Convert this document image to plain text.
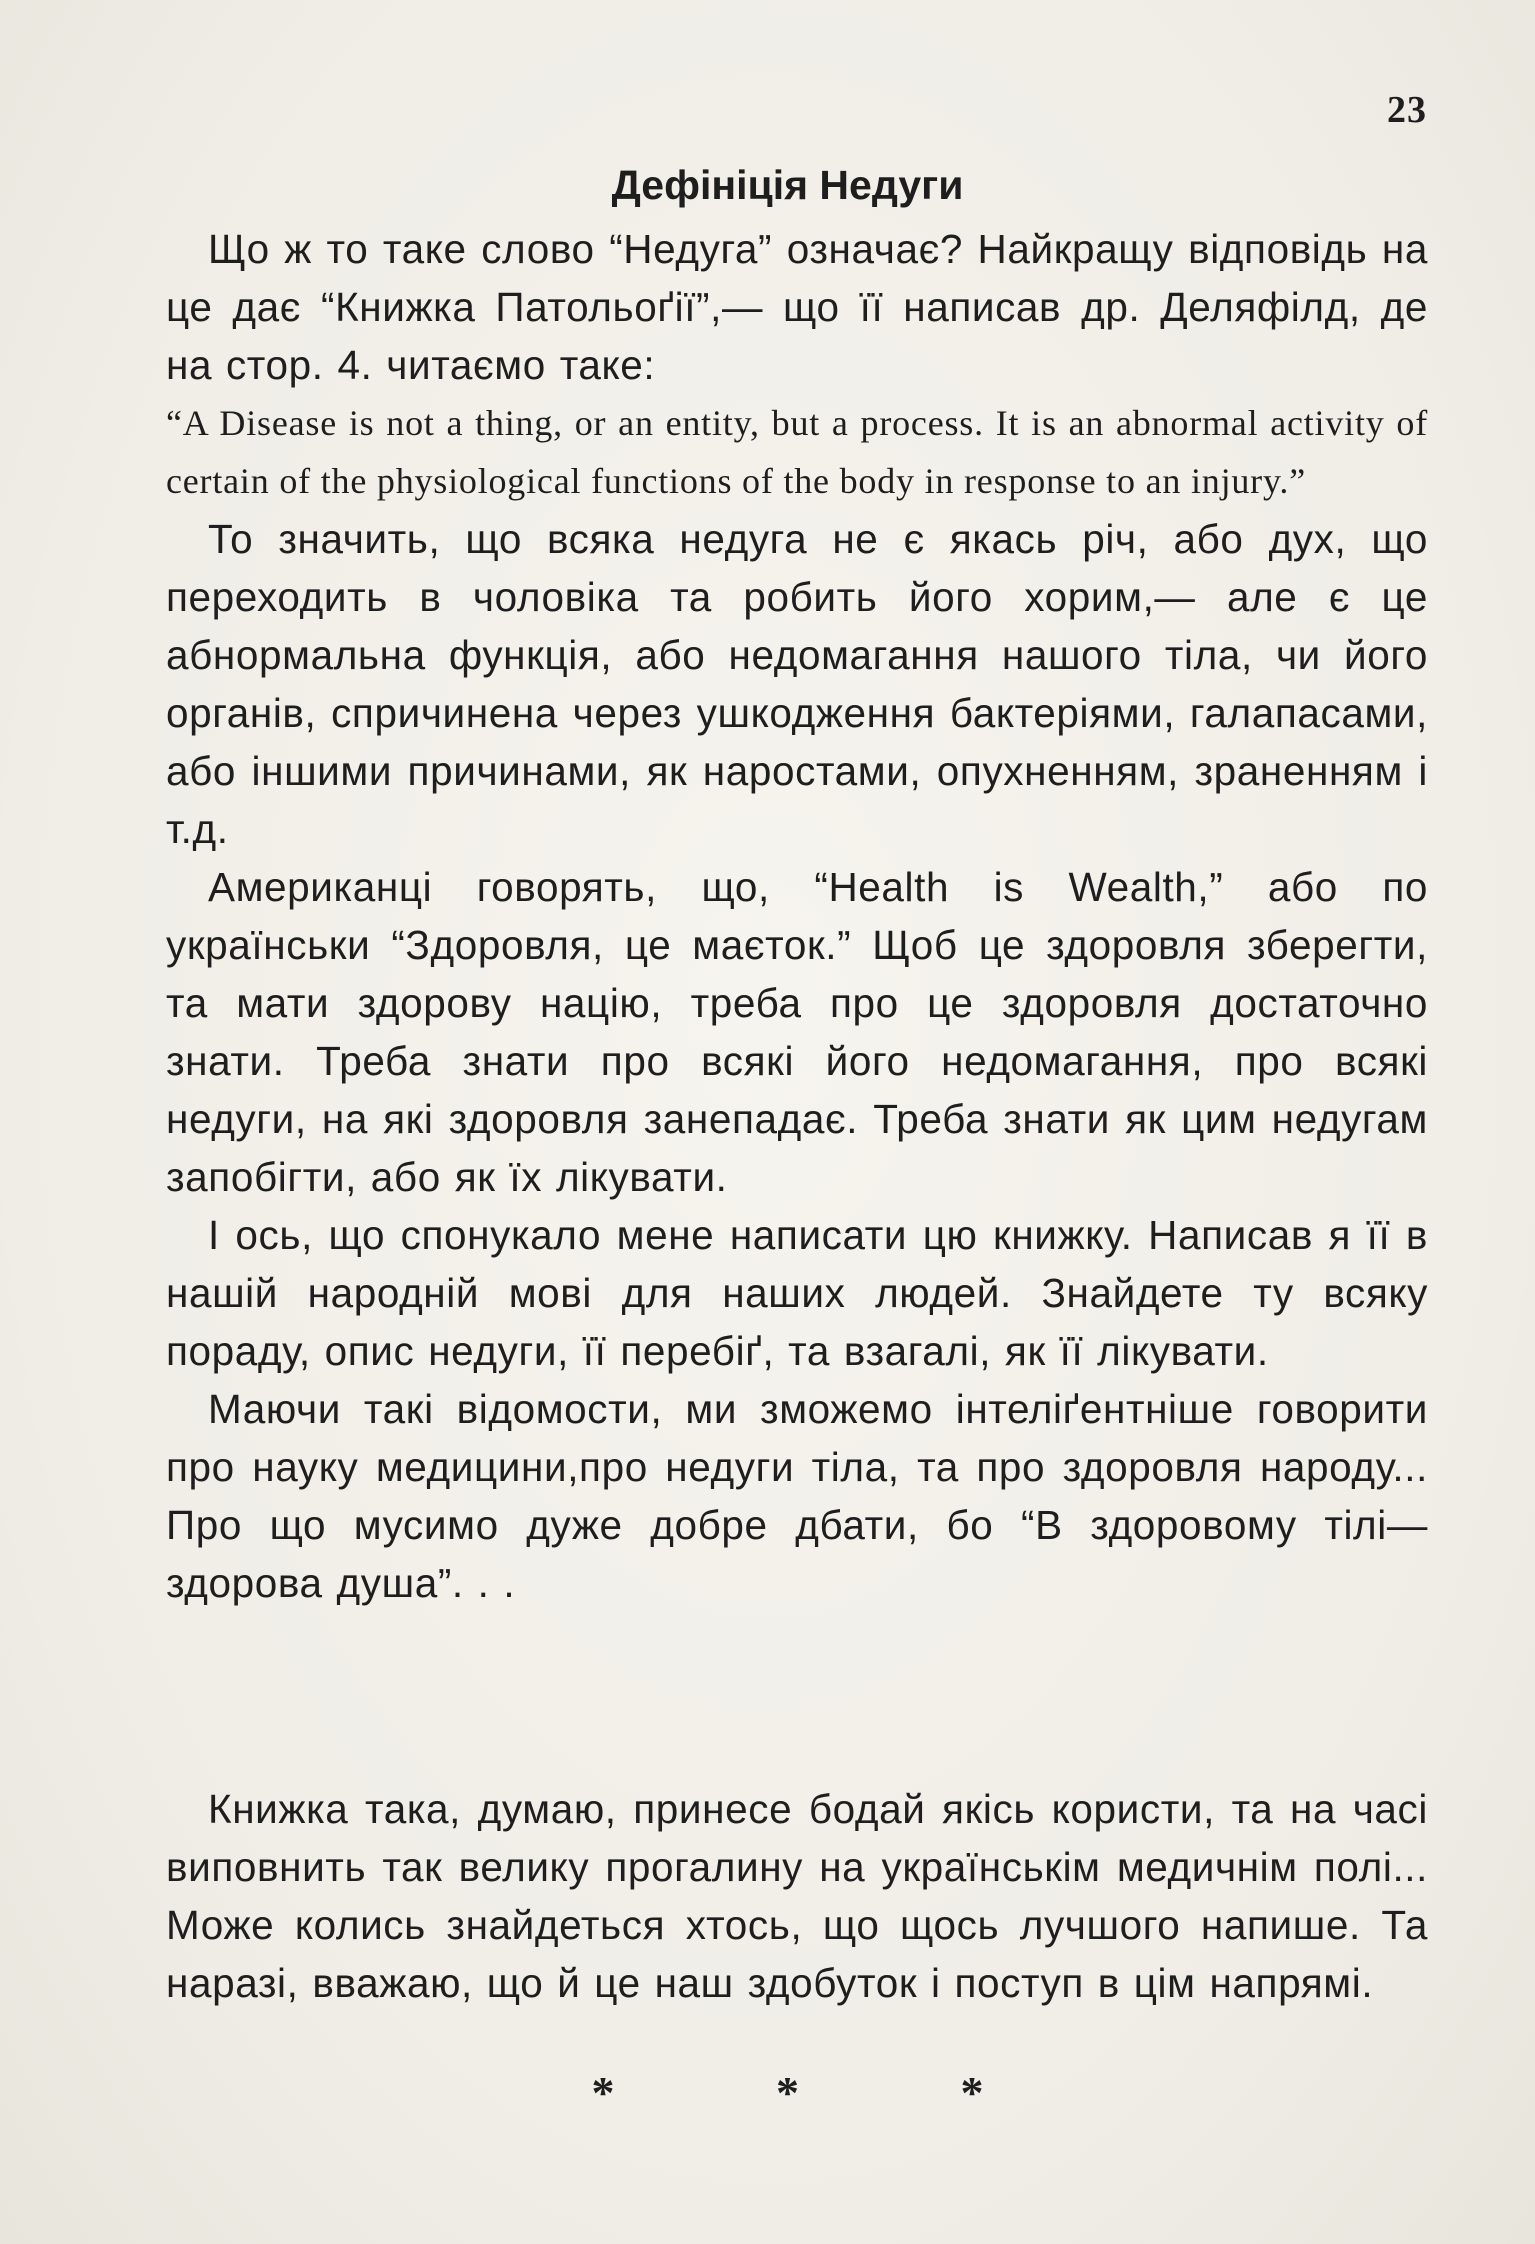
23
Дефініція Недуги

Що ж то таке слово “Недуга” означає? Найкращу відповідь на це дає “Книжка Патольоґії”,— що її написав др. Деляфілд, де на стор. 4. читаємо таке:

“A Disease is not a thing, or an entity, but a process. It is an abnormal activity of certain of the physiological functions of the body in response to an injury.”

То значить, що всяка недуга не є якась річ, або дух, що переходить в чоловіка та робить його хорим,— але є це абнормальна функція, або недомагання нашого тіла, чи його органів, спричинена через ушкодження бактеріями, галапасами, або іншими причинами, як наростами, опухненням, зраненням і т.д.

Американці говорять, що, “Health is Wealth,” або по українськи “Здоровля, це маєток.” Щоб це здоровля зберегти, та мати здорову націю, треба про це здоровля достаточно знати. Треба знати про всякі його недомагання, про всякі недуги, на які здоровля занепадає. Треба знати як цим недугам запобігти, або як їх лікувати.

І ось, що спонукало мене написати цю книжку. Написав я її в нашій народній мові для наших людей. Знайдете ту всяку пораду, опис недуги, її перебіґ, та взагалі, як її лікувати.

Маючи такі відомости, ми зможемо інтеліґентніше говорити про науку медицини,про недуги тіла, та про здоровля народу... Про що мусимо дуже добре дбати, бо “В здоровому тілі—здорова душа”. . .

Книжка така, думаю, принесе бодай якісь користи, та на часі виповнить так велику прогалину на українськім медичнім полі... Може колись знайдеться хтось, що щось лучшого напише. Та наразі, вважаю, що й це наш здобуток і поступ в цім напрямі.

* * *
